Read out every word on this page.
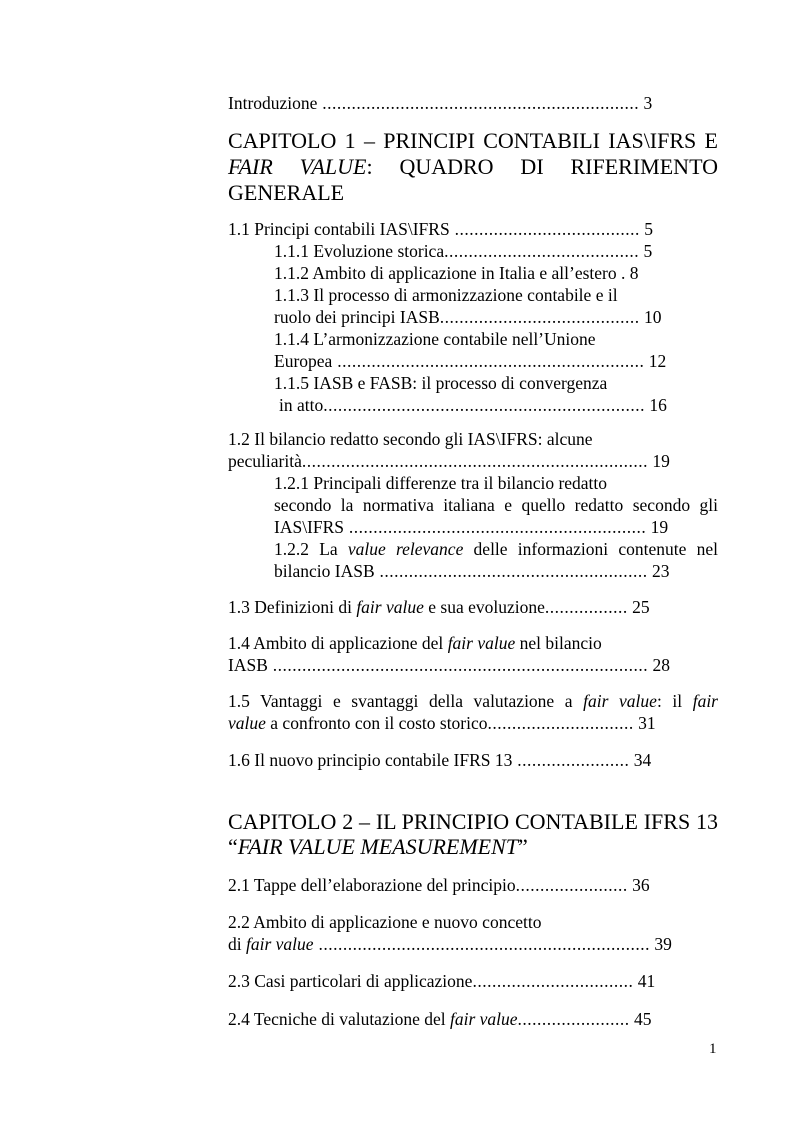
Introduzione ................................................................. 3
CAPITOLO 1 – PRINCIPI CONTABILI IAS\IFRS E
FAIR VALUE: QUADRO DI RIFERIMENTO
GENERALE
1.1 Principi contabili IAS\IFRS ...................................... 5
1.1.1 Evoluzione storica........................................ 5
1.1.2 Ambito di applicazione in Italia e all’estero . 8
1.1.3 Il processo di armonizzazione contabile e il
ruolo dei principi IASB......................................... 10
1.1.4 L’armonizzazione contabile nell’Unione
Europea ............................................................... 12
1.1.5 IASB e FASB: il processo di convergenza
in atto.................................................................. 16
1.2 Il bilancio redatto secondo gli IAS\IFRS: alcune
peculiarità....................................................................... 19
1.2.1 Principali differenze tra il bilancio redatto
secondo la normativa italiana e quello redatto secondo gli
IAS\IFRS ............................................................. 19
1.2.2 La value relevance delle informazioni contenute nel
bilancio IASB ....................................................... 23
1.3 Definizioni di fair value e sua evoluzione................. 25
1.4 Ambito di applicazione del fair value nel bilancio
IASB ............................................................................. 28
1.5 Vantaggi e svantaggi della valutazione a fair value: il fair
value a confronto con il costo storico.............................. 31
1.6 Il nuovo principio contabile IFRS 13 ....................... 34
CAPITOLO 2 – IL PRINCIPIO CONTABILE IFRS 13
“FAIR VALUE MEASUREMENT”
2.1 Tappe dell’elaborazione del principio....................... 36
2.2 Ambito di applicazione e nuovo concetto
di fair value .................................................................... 39
2.3 Casi particolari di applicazione................................. 41
2.4 Tecniche di valutazione del fair value....................... 45
1
